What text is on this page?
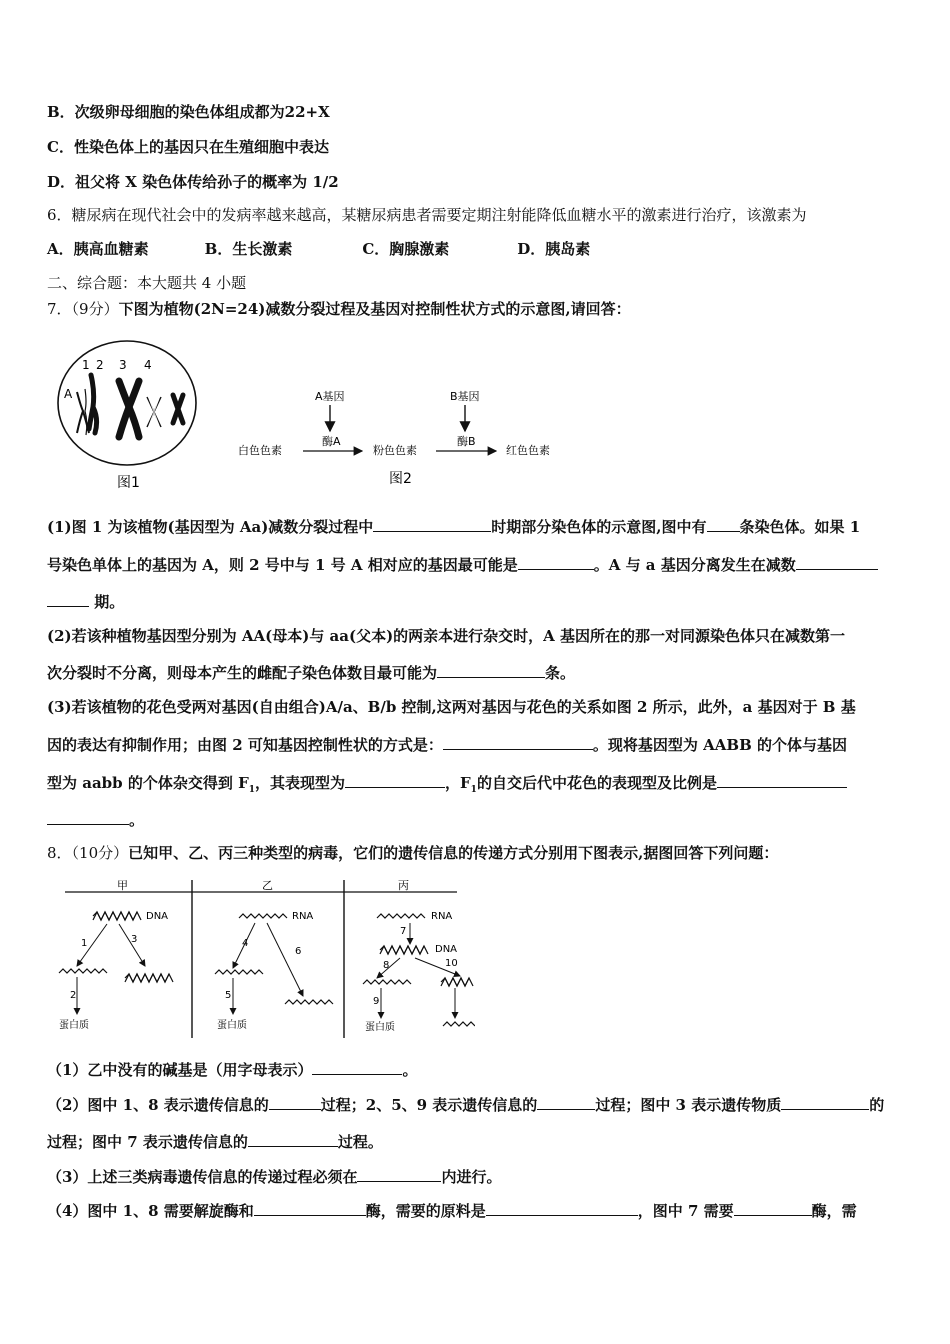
B．次级卵母细胞的染色体组成都为22+X
C．性染色体上的基因只在生殖细胞中表达
D．祖父将 X 染色体传给孙子的概率为 1/2
6．糖尿病在现代社会中的发病率越来越高，某糖尿病患者需要定期注射能降低血糖水平的激素进行治疗，该激素为
A．胰高血糖素	B．生长激素	C．胸腺激素	D．胰岛素
二、综合题：本大题共 4 小题
7．（9分）下图为植物(2N=24)减数分裂过程及基因对控制性状方式的示意图,请回答：
A
1 2 3 4
图1
A基因
酶A
B基因
酶B
白色色素	粉色色素	红色色素
图2
(1)图 1 为该植物(基因型为 Aa)减数分裂过程中	时期部分染色体的示意图,图中有 条染色体。如果 1
号染色单体上的基因为 A，则 2 号中与 1 号 A 相对应的基因最可能是	。A 与 a 基因分离发生在减数
期。
(2)若该种植物基因型分别为 AA(母本)与 aa(父本)的两亲本进行杂交时，A 基因所在的那一对同源染色体只在减数第一
次分裂时不分离，则母本产生的雌配子染色体数目最可能为	条。
(3)若该植物的花色受两对基因(自由组合)A/a、B/b 控制,这两对基因与花色的关系如图 2 所示，此外，a 基因对于 B 基
因的表达有抑制作用；由图 2 可知基因控制性状的方式是：	。现将基因型为 AABB 的个体与基因
型为 aabb 的个体杂交得到 $F_1$，其表现型为	，$F_1$的自交后代中花色的表现型及比例是
。
8．（10分）已知甲、乙、丙三种类型的病毒，它们的遗传信息的传递方式分别用下图表示,据图回答下列问题：
甲	乙	丙
DNA
1	3
2
蛋白质
RNA
4
6
5
蛋白质
RNA
7
DNA
8	10
9
蛋白质
（1）乙中没有的碱基是（用字母表示）	。
（2）图中 1、8 表示遗传信息的	过程；2、5、9 表示遗传信息的	过程；图中 3 表示遗传物质	的
过程；图中 7 表示遗传信息的	过程。
（3）上述三类病毒遗传信息的传递过程必须在	内进行。
（4）图中 1、8 需要解旋酶和	酶，需要的原料是	，图中 7 需要	酶，需
